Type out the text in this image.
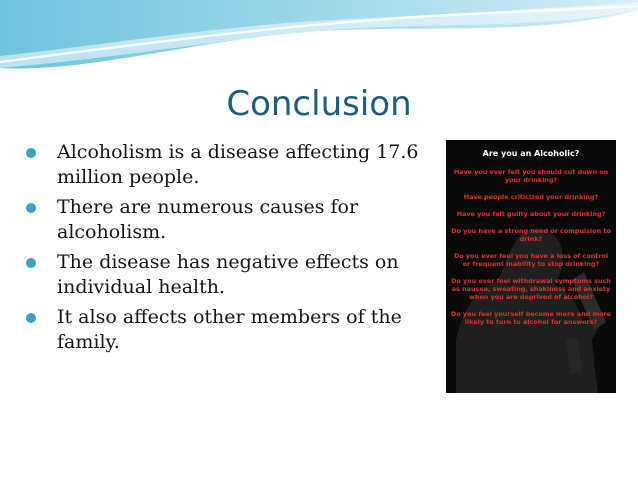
Conclusion
Alcoholism is a disease affecting 17.6 million people.
There are numerous causes for alcoholism.
The disease has negative effects on individual health.
It also affects other members of the family.
Are you an Alcoholic?
Have you ever felt you should cut down on your drinking?
Have people criticized your drinking?
Have you felt guilty about your drinking?
Do you have a strong need or compulsion to drink?
Do you ever feel you have a loss of control or frequent inability to stop drinking?
Do you ever feel withdrawal symptoms such as nausea, sweating, shakiness and anxiety when you are deprived of alcohol?
Do you feel yourself become more and more likely to turn to alcohol for answers?
